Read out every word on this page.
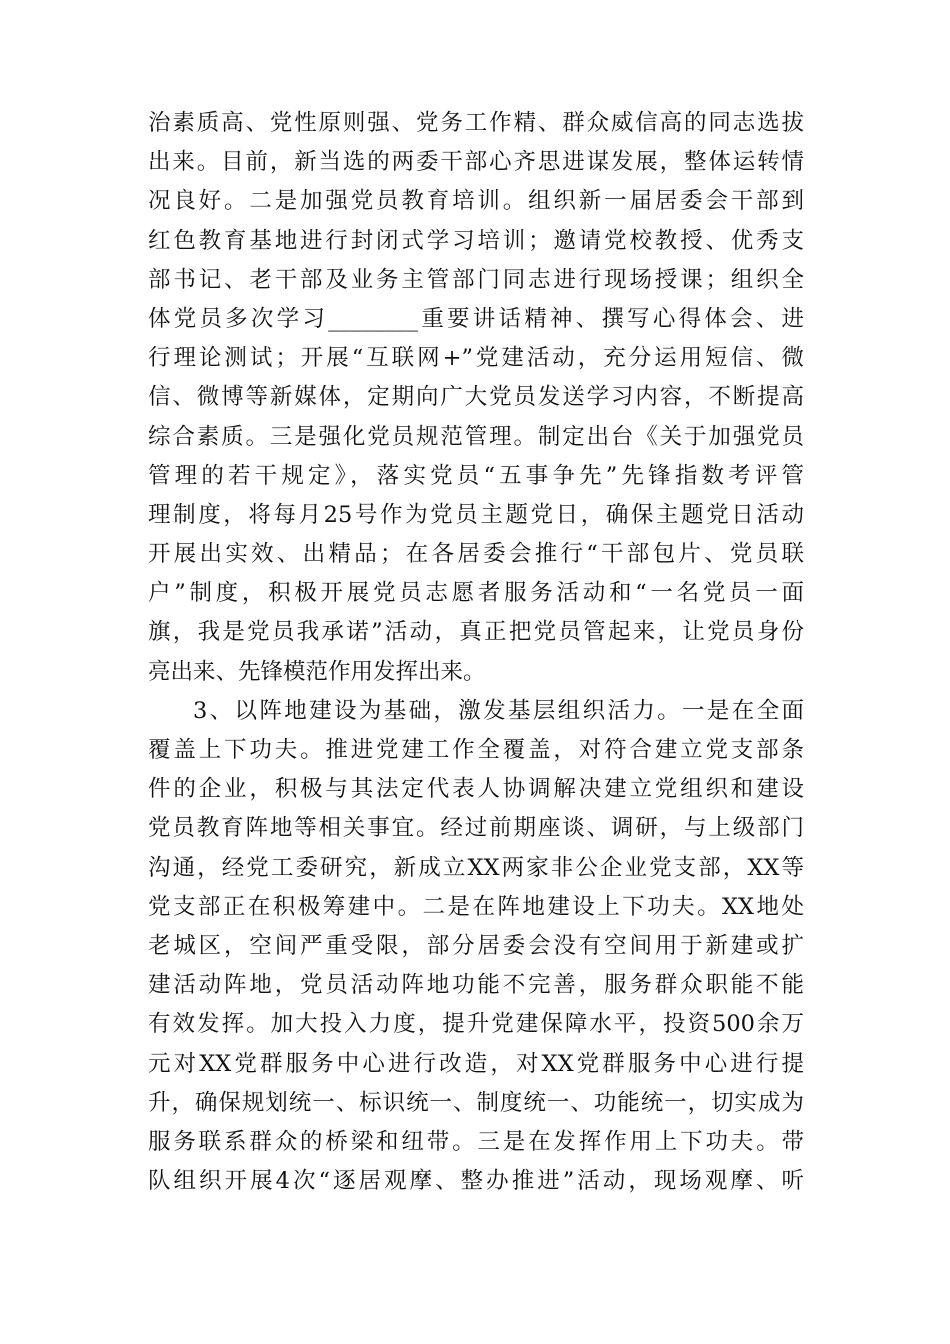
治素质高、党性原则强、党务工作精、群众威信高的同志选拔
出来。目前，新当选的两委干部心齐思进谋发展，整体运转情
况良好。二是加强党员教育培训。组织新一届居委会干部到
红色教育基地进行封闭式学习培训；邀请党校教授、优秀支
部书记、老干部及业务主管部门同志进行现场授课；组织全
体党员多次学习________重要讲话精神、撰写心得体会、进
行理论测试；开展“互联网+”党建活动，充分运用短信、微
信、微博等新媒体，定期向广大党员发送学习内容，不断提高
综合素质。三是强化党员规范管理。制定出台《关于加强党员
管理的若干规定》，落实党员“五事争先”先锋指数考评管
理制度，将每月25号作为党员主题党日，确保主题党日活动
开展出实效、出精品；在各居委会推行“干部包片、党员联
户”制度，积极开展党员志愿者服务活动和“一名党员一面
旗，我是党员我承诺”活动，真正把党员管起来，让党员身份
亮出来、先锋模范作用发挥出来。
3、以阵地建设为基础，激发基层组织活力。一是在全面
覆盖上下功夫。推进党建工作全覆盖，对符合建立党支部条
件的企业，积极与其法定代表人协调解决建立党组织和建设
党员教育阵地等相关事宜。经过前期座谈、调研，与上级部门
沟通，经党工委研究，新成立XX两家非公企业党支部，XX等
党支部正在积极筹建中。二是在阵地建设上下功夫。XX地处
老城区，空间严重受限，部分居委会没有空间用于新建或扩
建活动阵地，党员活动阵地功能不完善，服务群众职能不能
有效发挥。加大投入力度，提升党建保障水平，投资500余万
元对XX党群服务中心进行改造，对XX党群服务中心进行提
升，确保规划统一、标识统一、制度统一、功能统一，切实成为
服务联系群众的桥梁和纽带。三是在发挥作用上下功夫。带
队组织开展4次“逐居观摩、整办推进”活动，现场观摩、听
